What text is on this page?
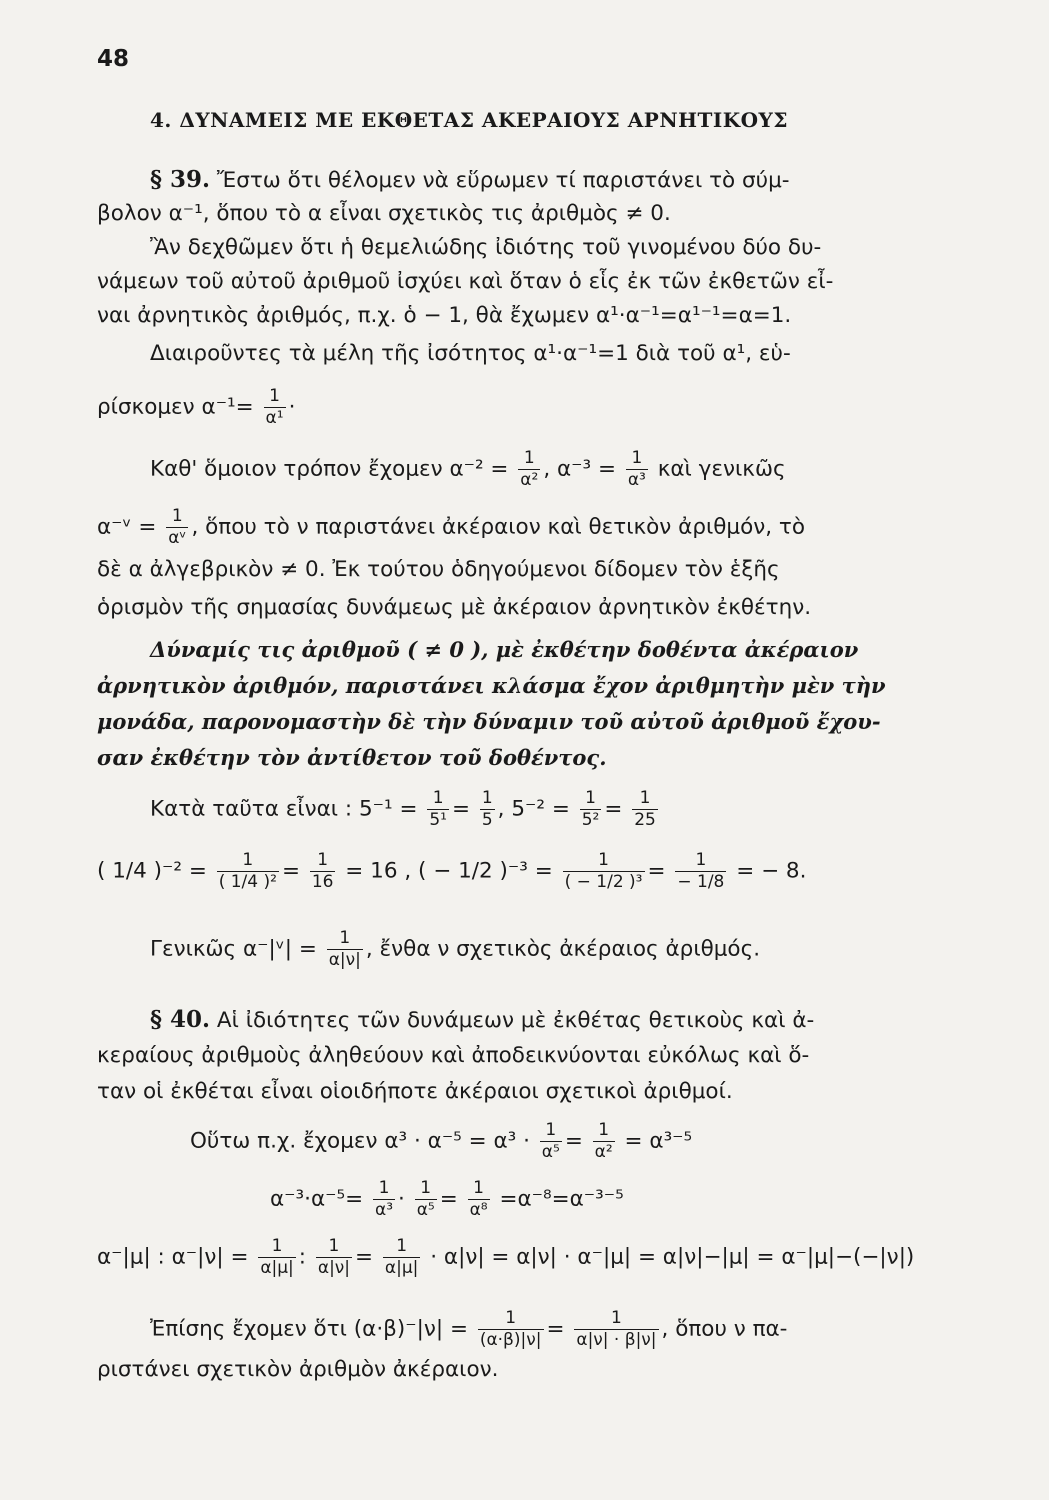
48
4. ΔΥΝΑΜΕΙΣ ΜΕ ΕΚΘΕΤΑΣ ΑΚΕΡΑΙΟΥΣ ΑΡΝΗΤΙΚΟΥΣ
§ 39. Ἔστω ὅτι θέλομεν νὰ εὕρωμεν τί παριστάνει τὸ σύμ-
βολον α⁻¹, ὅπου τὸ α εἶναι σχετικὸς τις ἀριθμὸς ≠ 0.
Ἂν δεχθῶμεν ὅτι ἡ θεμελιώδης ἰδιότης τοῦ γινομένου δύο δυ-
νάμεων τοῦ αὐτοῦ ἀριθμοῦ ἰσχύει καὶ ὅταν ὁ εἷς ἐκ τῶν ἐκθετῶν εἶ-
ναι ἀρνητικὸς ἀριθμός, π.χ. ὁ − 1, θὰ ἔχωμεν α¹·α⁻¹=α¹⁻¹=α=1.
Διαιροῦντες τὰ μέλη τῆς ἰσότητος α¹·α⁻¹=1 διὰ τοῦ α¹, εὑ-
ρίσκομεν $\alpha^{-1}= \frac{1}{\text{α¹}}$ ·
Καθ' ὅμοιον τρόπον ἔχομεν $\alpha^{-2} = \frac{1}{\text{α²}}$ , $\alpha^{-3} = \frac{1}{\text{α³}}$ καὶ γενικῶς
α⁻ᵛ = $\frac{1}{\text{αᵛ}}$ , ὅπου τὸ ν παριστάνει ἀκέραιον καὶ θετικὸν ἀριθμόν, τὸ
δὲ α ἀλγεβρικὸν ≠ 0. Ἐκ τούτου ὁδηγούμενοι δίδομεν τὸν ἑξῆς
ὁρισμὸν τῆς σημασίας δυνάμεως μὲ ἀκέραιον ἀρνητικὸν ἐκθέτην.
Δύναμίς τις ἀριθμοῦ ( ≠ 0 ), μὲ ἐκθέτην δοθέντα ἀκέραιον
ἀρνητικὸν ἀριθμόν, παριστάνει κλάσμα ἔχον ἀριθμητὴν μὲν τὴν
μονάδα, παρονομαστὴν δὲ τὴν δύναμιν τοῦ αὐτοῦ ἀριθμοῦ ἔχου-
σαν ἐκθέτην τὸν ἀντίθετον τοῦ δοθέντος.
Κατὰ ταῦτα εἶναι : $5^{-1} = \frac{1}{\text{5¹}} = \frac{1}{5}$ , $5^{-2} = \frac{1}{\text{5²}} = \frac{1}{25}$
( 1/4 )$^{-2} = \frac{1}{\text{( 1/4 )²}} = \frac{1}{16} = 16$ , ( − 1/2 )$^{-3} = \frac{1}{\text{( − 1/2 )³}} = \frac{1}{- 1/8}$ = − 8.
Γενικῶς α⁻|ᵛ| = $\frac{1}{\alpha|\nu|}$ , ἔνθα ν σχετικὸς ἀκέραιος ἀριθμός.
§ 40. Αἱ ἰδιότητες τῶν δυνάμεων μὲ ἐκθέτας θετικοὺς καὶ ἀ-
κεραίους ἀριθμοὺς ἀληθεύουν καὶ ἀποδεικνύονται εὐκόλως καὶ ὅ-
ταν οἱ ἐκθέται εἶναι οἱοιδήποτε ἀκέραιοι σχετικοὶ ἀριθμοί.
Οὕτω π.χ. ἔχομεν $\alpha^3 \cdot \alpha^{-5} = \alpha^3 \cdot \frac{1}{\text{α⁵}} = \frac{1}{\text{α²}} = \alpha^{3-5}$
$\alpha^{-3}\cdot\alpha^{-5}= \frac{1}{\text{α³}} \cdot \frac{1}{\text{α⁵}} = \frac{1}{\text{α⁸}} =\alpha^{-8}=\alpha^{-3-5}$
α⁻|μ| : $\alpha^-|\nu| = \frac{1}{\alpha|\mu|}$ : $\frac{1}{\alpha|\nu|} = \frac{1}{\alpha|\mu|} \cdot \alpha|\nu| = \alpha|\nu| \cdot \alpha^-|\mu| = \alpha|\nu|-|\mu| = \alpha^-|\mu|-(-|\nu|)$
Ἐπίσης ἔχομεν ὅτι $(\alpha\cdot\beta)^-|\nu| = \frac{1}{(\alpha\cdot\beta)|\nu|} = \frac{1}{\alpha|\nu| \cdot \beta|\nu|}$ , ὅπου ν πα-
ριστάνει σχετικὸν ἀριθμὸν ἀκέραιον.
